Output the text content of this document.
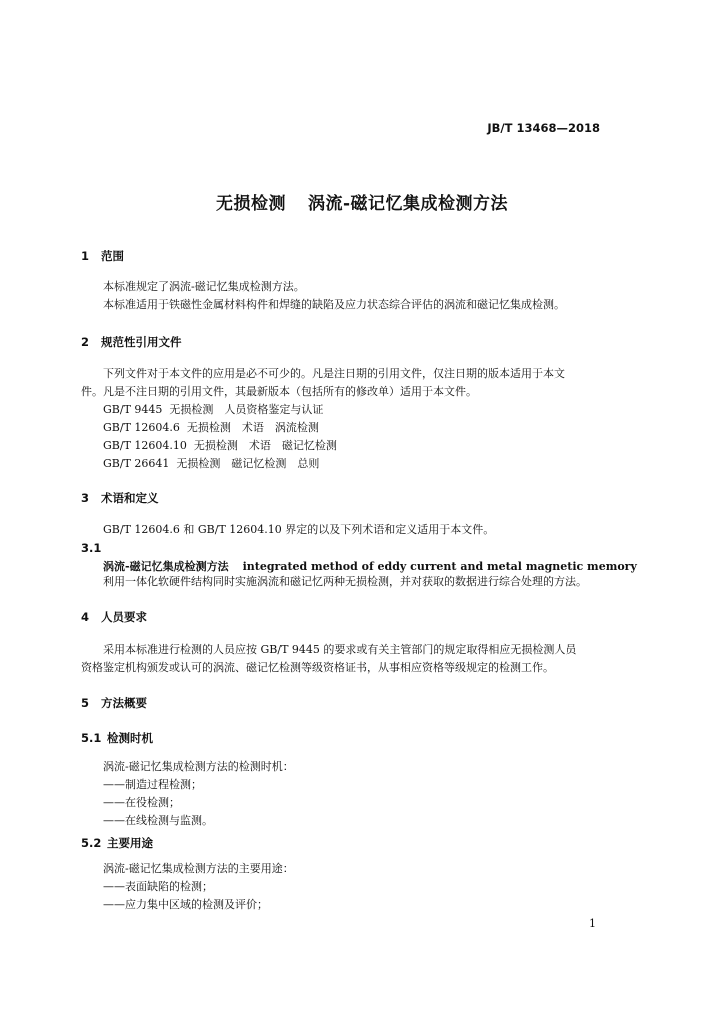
JB/T 13468—2018
无损检测 涡流-磁记忆集成检测方法
1 范围
本标准规定了涡流-磁记忆集成检测方法。
本标准适用于铁磁性金属材料构件和焊缝的缺陷及应力状态综合评估的涡流和磁记忆集成检测。
2 规范性引用文件
下列文件对于本文件的应用是必不可少的。凡是注日期的引用文件，仅注日期的版本适用于本文
件。凡是不注日期的引用文件，其最新版本（包括所有的修改单）适用于本文件。
GB/T 9445 无损检测　人员资格鉴定与认证
GB/T 12604.6 无损检测　术语　涡流检测
GB/T 12604.10 无损检测　术语　磁记忆检测
GB/T 26641 无损检测　磁记忆检测　总则
3 术语和定义
GB/T 12604.6 和 GB/T 12604.10 界定的以及下列术语和定义适用于本文件。
3.1
涡流-磁记忆集成检测方法 integrated method of eddy current and metal magnetic memory
利用一体化软硬件结构同时实施涡流和磁记忆两种无损检测，并对获取的数据进行综合处理的方法。
4 人员要求
采用本标准进行检测的人员应按 GB/T 9445 的要求或有关主管部门的规定取得相应无损检测人员
资格鉴定机构颁发或认可的涡流、磁记忆检测等级资格证书，从事相应资格等级规定的检测工作。
5 方法概要
5.1 检测时机
涡流-磁记忆集成检测方法的检测时机：
——制造过程检测；
——在役检测；
——在线检测与监测。
5.2 主要用途
涡流-磁记忆集成检测方法的主要用途：
——表面缺陷的检测；
——应力集中区域的检测及评价；
1
